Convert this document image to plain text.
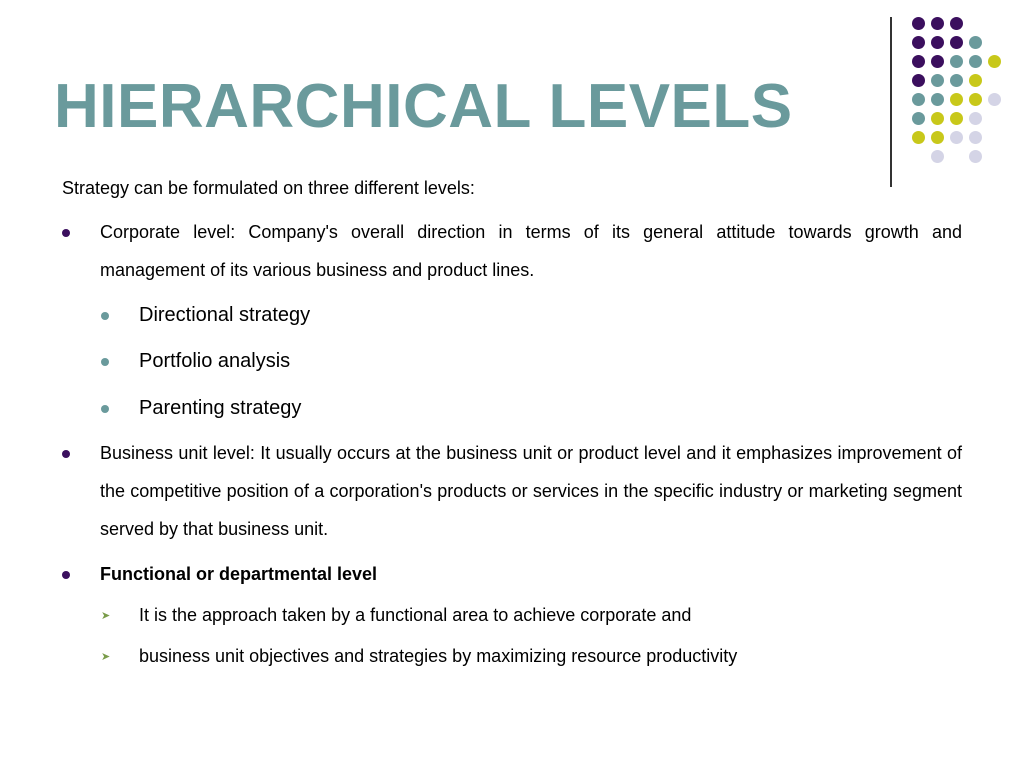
HIERARCHICAL LEVELS
Strategy can be formulated on three different levels:
Corporate level: Company's overall direction in terms of its general attitude towards growth and management of its various business and product lines.
Directional strategy
Portfolio analysis
Parenting strategy
Business unit level: It usually occurs at the business unit or product level and it emphasizes improvement of the competitive position of a corporation's products or services in the specific industry or marketing segment served by that business unit.
Functional or departmental level
➤ It is the approach taken by a functional area to achieve corporate and
➤ business unit objectives and strategies by maximizing resource productivity
